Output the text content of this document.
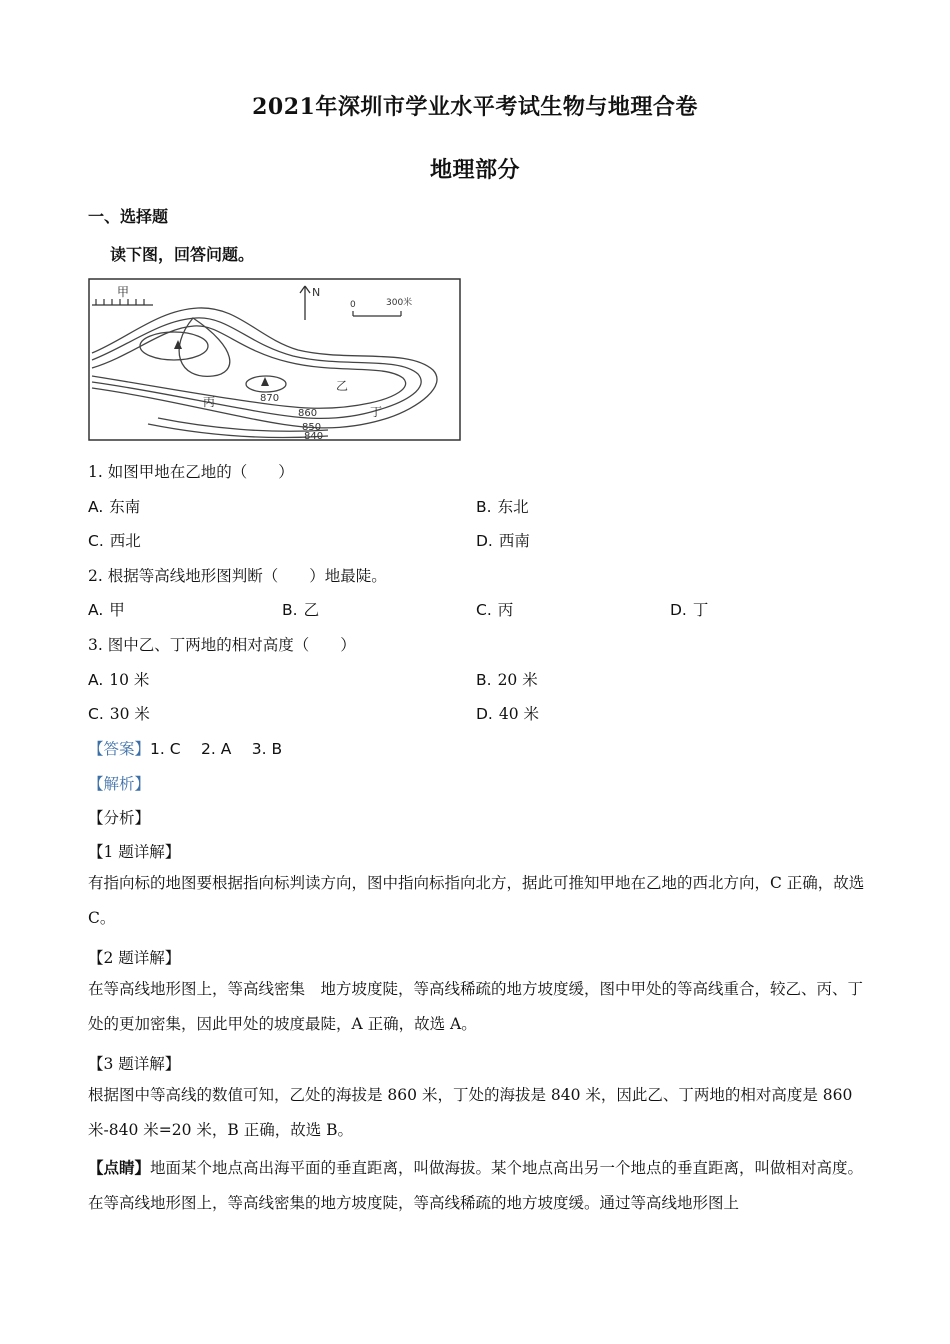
2021年深圳市学业水平考试生物与地理合卷
地理部分
一、选择题
读下图，回答问题。
N
0	300米
甲
乙
丙
丁
870
860
850
840
1. 如图甲地在乙地的（　　）
A. 东南	B. 东北
C. 西北	D. 西南
2. 根据等高线地形图判断（　　）地最陡。
A. 甲	B. 乙	C. 丙	D. 丁
3. 图中乙、丁两地的相对高度（　　）
A. 10 米	B. 20 米
C. 30 米	D. 40 米
【答案】1. C　 2. A　 3. B
【解析】
【分析】
【1 题详解】
有指向标的地图要根据指向标判读方向，图中指向标指向北方，据此可推知甲地在乙地的西北方向，C 正确，故选 C。
【2 题详解】
在等高线地形图上，等高线密集　地方坡度陡，等高线稀疏的地方坡度缓，图中甲处的等高线重合，较乙、丙、丁处的更加密集，因此甲处的坡度最陡，A 正确，故选 A。
【3 题详解】
根据图中等高线的数值可知，乙处的海拔是 860 米，丁处的海拔是 840 米，因此乙、丁两地的相对高度是 860 米-840 米=20 米，B 正确，故选 B。
【点睛】地面某个地点高出海平面的垂直距离，叫做海拔。某个地点高出另一个地点的垂直距离，叫做相对高度。在等高线地形图上，等高线密集的地方坡度陡，等高线稀疏的地方坡度缓。通过等高线地形图上
